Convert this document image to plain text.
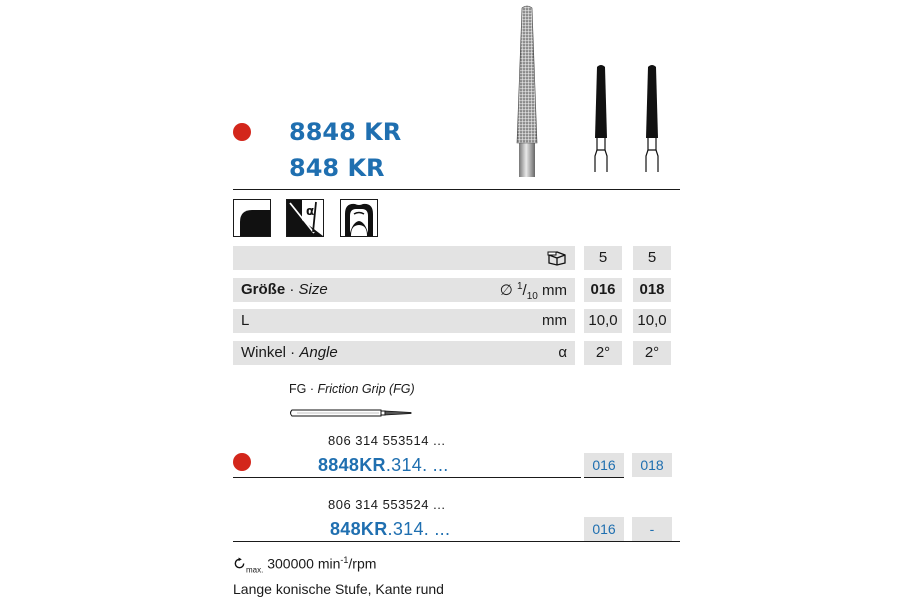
8848 KR
848 KR
α
5	5
Größe · Size	∅ $^1/_{10}$ mm	016	018
L	mm 10,0 10,0
Winkel · Angle	α	2°	2°
FG · Friction Grip (FG)
806 314 553514 ...
8848KR.314. ...	016	018
806 314 553524 ...
848KR.314. ...	016	-
$_{max.}$ 300000 $\min^{-1}$/rpm
Lange konische Stufe, Kante rund
